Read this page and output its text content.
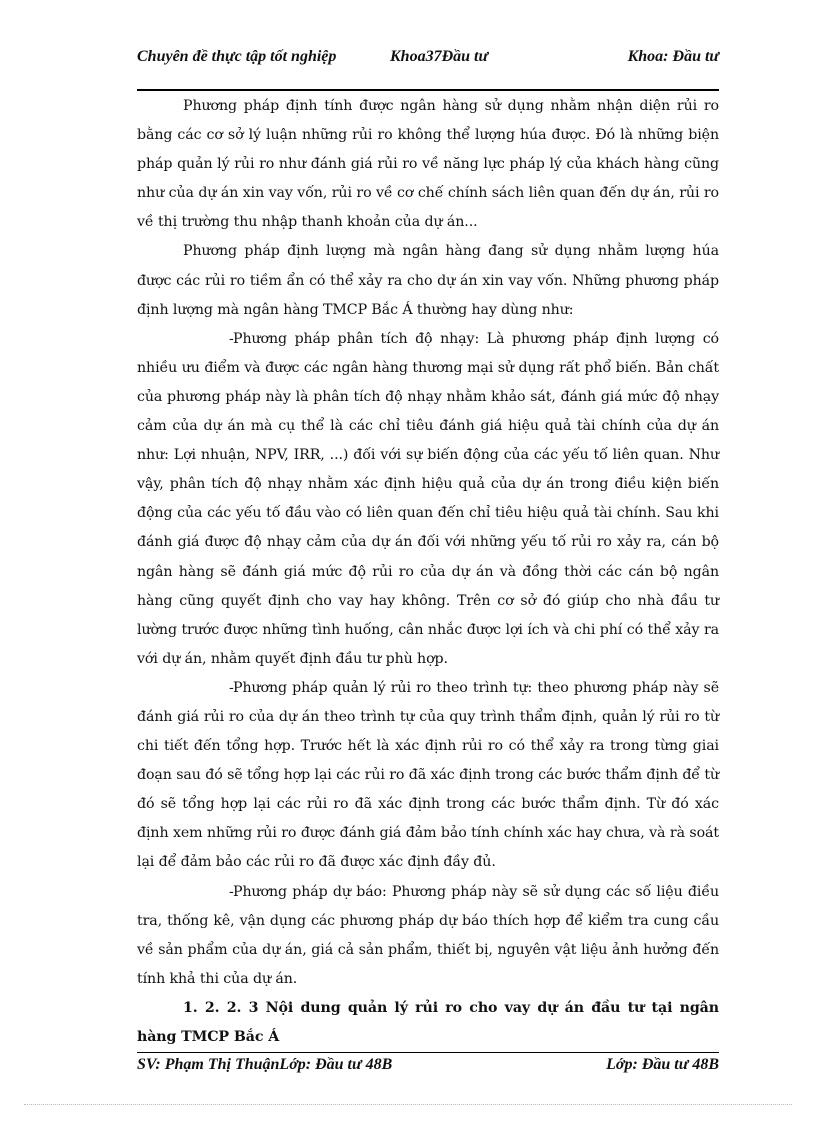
Chuyên đề thực tập tốt nghiệp	Khoa37Đầu tư	Khoa: Đầu tư

Phương pháp định tính được ngân hàng sử dụng nhằm nhận diện rủi ro bằng các cơ sở lý luận những rủi ro không thể lượng húa được. Đó là những biện pháp quản lý rủi ro như đánh giá rủi ro về năng lực pháp lý của khách hàng cũng như của dự án xin vay vốn, rủi ro về cơ chế chính sách liên quan đến dự án, rủi ro về thị trường thu nhập thanh khoản của dự án...

Phương pháp định lượng mà ngân hàng đang sử dụng nhằm lượng húa được các rủi ro tiềm ẩn có thể xảy ra cho dự án xin vay vốn. Những phương pháp định lượng mà ngân hàng TMCP Bắc Á thường hay dùng như:

-Phương pháp phân tích độ nhạy: Là phương pháp định lượng có nhiều ưu điểm và được các ngân hàng thương mại sử dụng rất phổ biến. Bản chất của phương pháp này là phân tích độ nhạy nhằm khảo sát, đánh giá mức độ nhạy cảm của dự án mà cụ thể là các chỉ tiêu đánh giá hiệu quả tài chính của dự án như: Lợi nhuận, NPV, IRR, ...) đối với sự biến động của các yếu tố liên quan. Như vậy, phân tích độ nhạy nhằm xác định hiệu quả của dự án trong điều kiện biến động của các yếu tố đầu vào có liên quan đến chỉ tiêu hiệu quả tài chính. Sau khi đánh giá được độ nhạy cảm của dự án đối với những yếu tố rủi ro xảy ra, cán bộ ngân hàng sẽ đánh giá mức độ rủi ro của dự án và đồng thời các cán bộ ngân hàng cũng quyết định cho vay hay không. Trên cơ sở đó giúp cho nhà đầu tư lường trước được những tình huống, cân nhắc được lợi ích và chi phí có thể xảy ra với dự án, nhằm quyết định đầu tư phù hợp.

-Phương pháp quản lý rủi ro theo trình tự: theo phương pháp này sẽ đánh giá rủi ro của dự án theo trình tự của quy trình thẩm định, quản lý rủi ro từ chi tiết đến tổng hợp. Trước hết là xác định rủi ro có thể xảy ra trong từng giai đoạn sau đó sẽ tổng hợp lại các rủi ro đã xác định trong các bước thẩm định để từ đó sẽ tổng hợp lại các rủi ro đã xác định trong các bước thẩm định. Từ đó xác định xem những rủi ro được đánh giá đảm bảo tính chính xác hay chưa, và rà soát lại để đảm bảo các rủi ro đã được xác định đầy đủ.

-Phương pháp dự báo: Phương pháp này sẽ sử dụng các số liệu điều tra, thống kê, vận dụng các phương pháp dự báo thích hợp để kiểm tra cung cầu về sản phẩm của dự án, giá cả sản phẩm, thiết bị, nguyên vật liệu ảnh hưởng đến tính khả thi của dự án.

1. 2. 2. 3 Nội dung quản lý rủi ro cho vay dự án đầu tư tại ngân hàng TMCP Bắc Á

SV: Phạm Thị ThuậnLớp: Đầu tư 48B	Lớp: Đầu tư 48B
